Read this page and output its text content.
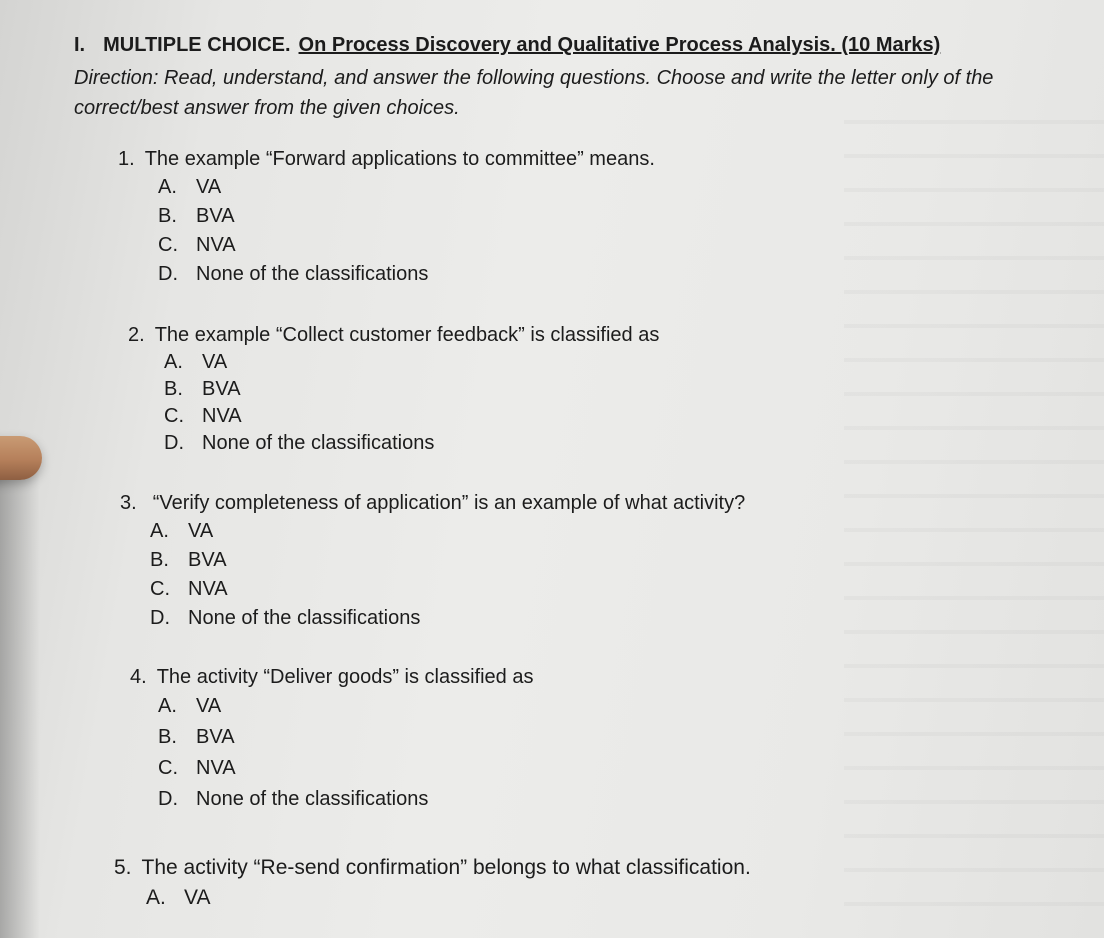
I. MULTIPLE CHOICE. On Process Discovery and Qualitative Process Analysis. (10 Marks)
Direction: Read, understand, and answer the following questions. Choose and write the letter only of the correct/best answer from the given choices.
1. The example “Forward applications to committee” means.
A. VA
B. BVA
C. NVA
D. None of the classifications
2. The example “Collect customer feedback” is classified as
A. VA
B. BVA
C. NVA
D. None of the classifications
3. “Verify completeness of application” is an example of what activity?
A. VA
B. BVA
C. NVA
D. None of the classifications
4. The activity “Deliver goods” is classified as
A. VA
B. BVA
C. NVA
D. None of the classifications
5. The activity “Re-send confirmation” belongs to what classification.
A. VA
